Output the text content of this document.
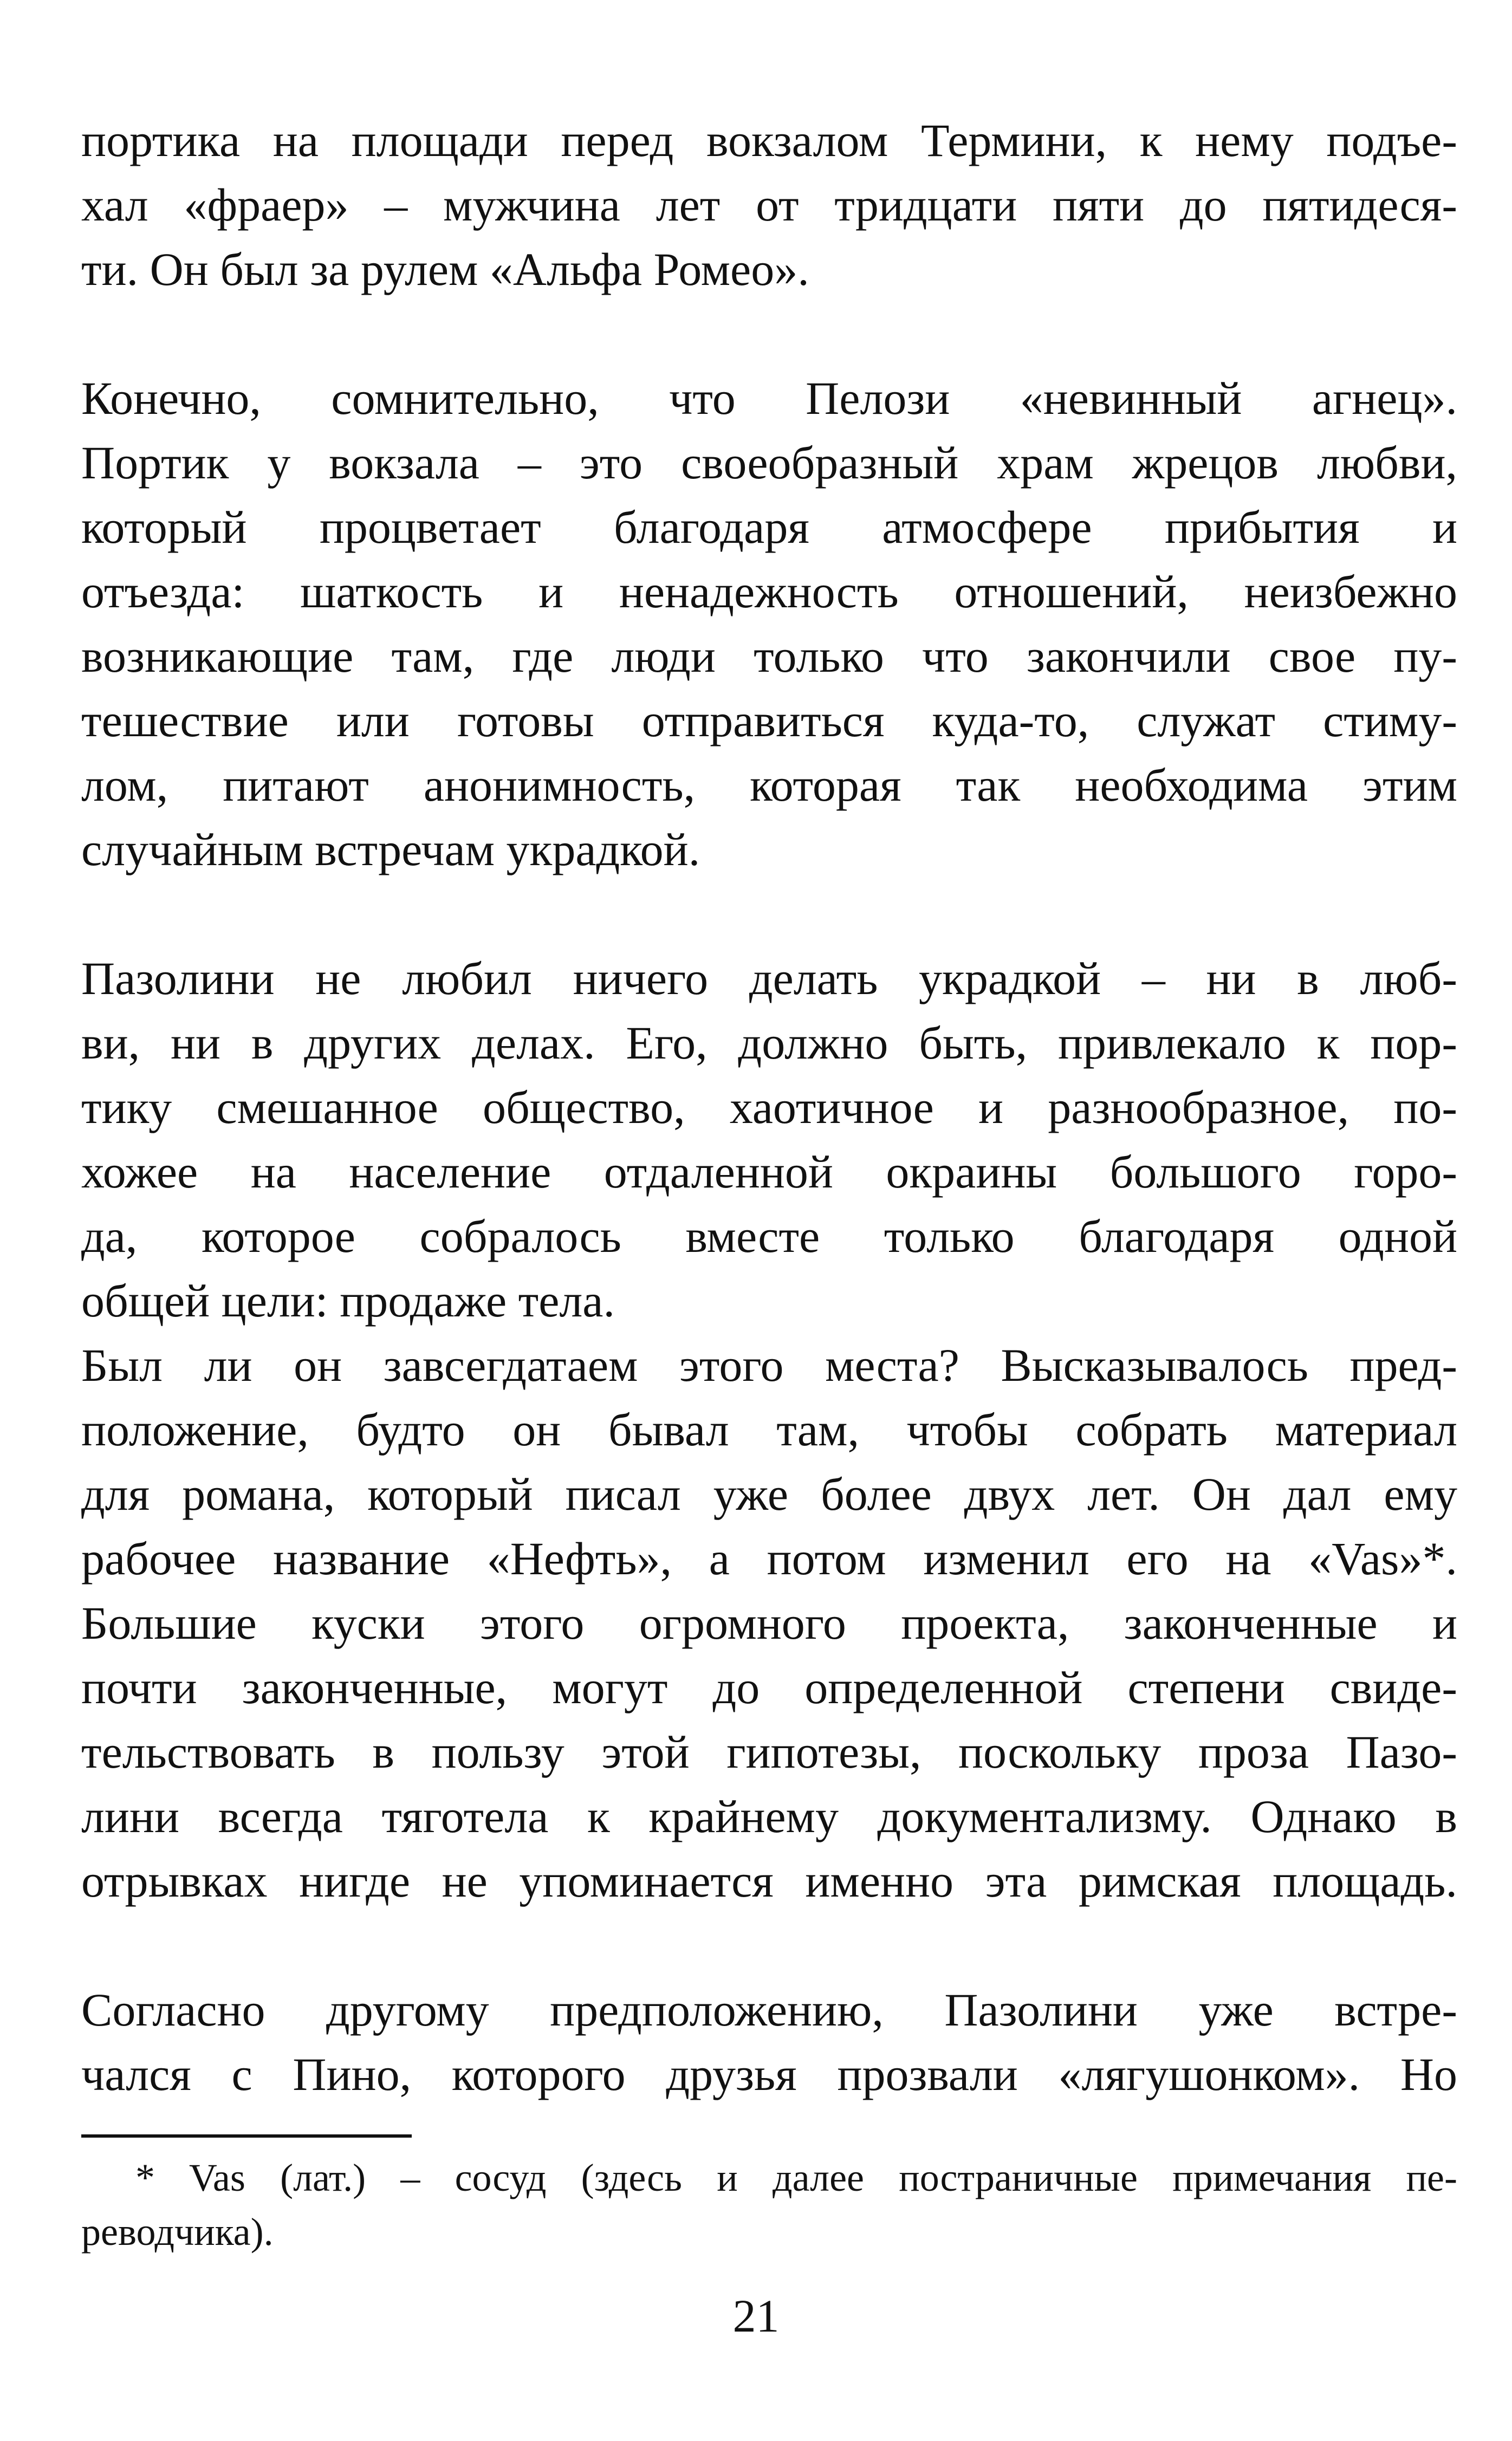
портика на площади перед вокзалом Термини, к нему подъе-
хал «фраер» – мужчина лет от тридцати пяти до пятидеся-
ти. Он был за рулем «Альфа Ромео».
Конечно, сомнительно, что Пелози «невинный агнец».
Портик у вокзала – это своеобразный храм жрецов любви,
который процветает благодаря атмосфере прибытия и
отъезда: шаткость и ненадежность отношений, неизбежно
возникающие там, где люди только что закончили свое пу-
тешествие или готовы отправиться куда-то, служат стиму-
лом, питают анонимность, которая так необходима этим
случайным встречам украдкой.
Пазолини не любил ничего делать украдкой – ни в люб-
ви, ни в других делах. Его, должно быть, привлекало к пор-
тику смешанное общество, хаотичное и разнообразное, по-
хожее на население отдаленной окраины большого горо-
да, которое собралось вместе только благодаря одной
общей цели: продаже тела.
Был ли он завсегдатаем этого места? Высказывалось пред-
положение, будто он бывал там, чтобы собрать материал
для романа, который писал уже более двух лет. Он дал ему
рабочее название «Нефть», а потом изменил его на «Vas»*.
Большие куски этого огромного проекта, законченные и
почти законченные, могут до определенной степени свиде-
тельствовать в пользу этой гипотезы, поскольку проза Пазо-
лини всегда тяготела к крайнему документализму. Однако в
отрывках нигде не упоминается именно эта римская площадь.
Согласно другому предположению, Пазолини уже встре-
чался с Пино, которого друзья прозвали «лягушонком». Но
* Vas (лат.) – сосуд (здесь и далее постраничные примечания пе-
реводчика).
21
